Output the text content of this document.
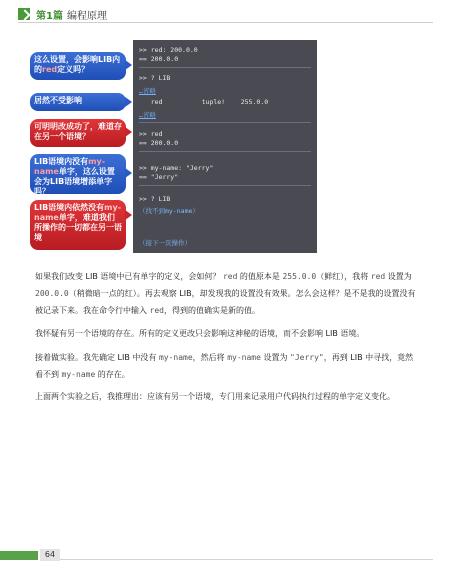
第1篇 编程原理
>> red: 200.0.0
== 200.0.0
>> ? LIB
…省略
red          tuple!    255.0.0
…省略
>> red
== 200.0.0
>> my-name: "Jerry"
== "Jerry"
>> ? LIB
（找不到my-name）
（接下一页操作）
这么设置，会影响LIB内的red定义吗？
居然不受影响
可明明改成功了，难道存在另一个语境？
LIB语境内没有my-name单字，这么设置会为LIB语境增添单字吗？
LIB语境内依然没有my-name单字，难道我们所操作的一切都在另一语境
如果我们改变 LIB 语境中已有单字的定义，会如何？ red 的值原本是 255.0.0（鲜红），我将 red 设置为 200.0.0（稍微暗一点的红）。再去观察 LIB，却发现我的设置没有效果。怎么会这样？是不是我的设置没有被记录下来。我在命令行中输入 red，得到的值确实是新的值。
我怀疑有另一个语境的存在。所有的定义更改只会影响这神秘的语境，而不会影响 LIB 语境。
接着做实验。我先确定 LIB 中没有 my-name，然后将 my-name 设置为 "Jerry"，再到 LIB 中寻找，竟然看不到 my-name 的存在。
上面两个实验之后，我推理出：应该有另一个语境，专门用来记录用户代码执行过程的单字定义变化。
64
